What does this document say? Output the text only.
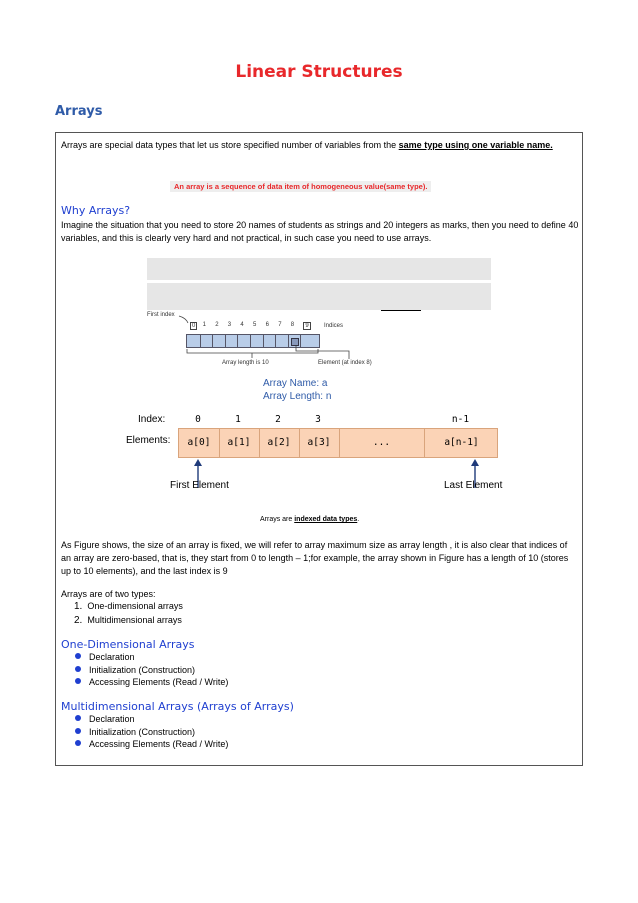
Linear Structures
Arrays
Arrays are special data types that let us store specified number of variables from the same type using one variable name.
An array is a sequence of data item of homogeneous value(same type).
Why Arrays?
Imagine the situation that you need to store 20 names of students as strings and 20 integers as marks, then you need to define 40 variables, and this is clearly very hard and not practical, in such case you need to use arrays.
First index
0	1 2 3 4 5 6 7 8	9	Indices
Array length is 10	Element (at index 8)
Array Name: a
Array Length: n
Index:
Elements:
0	1	2	3	n-1
a[0]	a[1]	a[2]	a[3]	...	a[n-1]
First Element	Last Element
Arrays are indexed data types.
As Figure shows, the size of an array is fixed, we will refer to array maximum size as array length , it is also clear that indices of an array are zero-based, that is, they start from 0 to length – 1;for example, the array shown in Figure has a length of 10 (stores up to 10 elements), and the last index is 9
Arrays are of two types:
1. One-dimensional arrays
2. Multidimensional arrays
One-Dimensional Arrays
Declaration
Initialization (Construction)
Accessing Elements (Read / Write)
Multidimensional Arrays (Arrays of Arrays)
Declaration
Initialization (Construction)
Accessing Elements (Read / Write)
